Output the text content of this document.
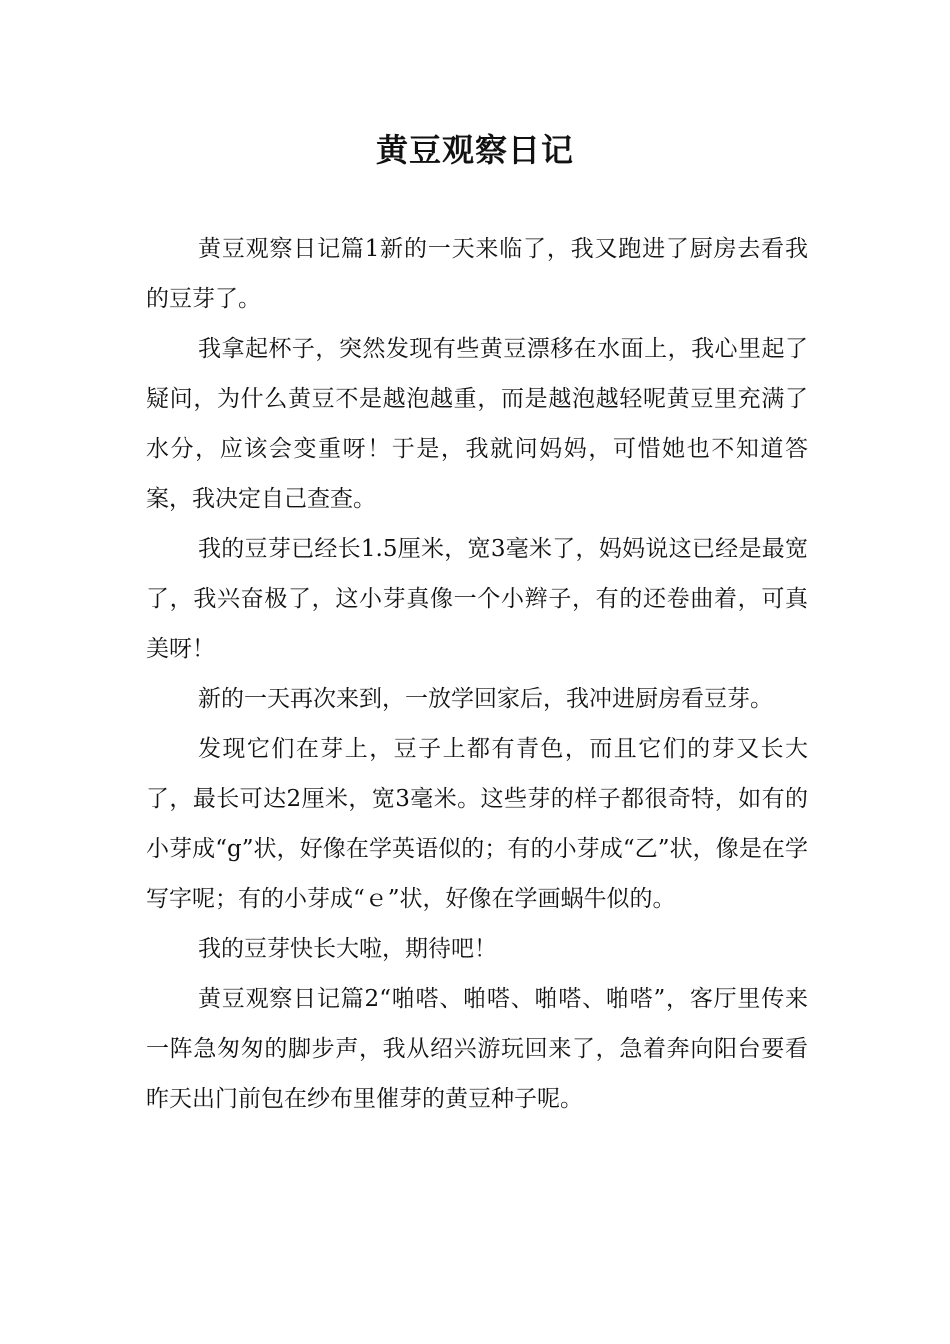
黄豆观察日记

黄豆观察日记篇1新的一天来临了，我又跑进了厨房去看我的豆芽了。

我拿起杯子，突然发现有些黄豆漂移在水面上，我心里起了疑问，为什么黄豆不是越泡越重，而是越泡越轻呢黄豆里充满了水分，应该会变重呀！于是，我就问妈妈，可惜她也不知道答案，我决定自己查查。

我的豆芽已经长1.5厘米，宽3毫米了，妈妈说这已经是最宽了，我兴奋极了，这小芽真像一个小辫子，有的还卷曲着，可真美呀！

新的一天再次来到，一放学回家后，我冲进厨房看豆芽。

发现它们在芽上，豆子上都有青色，而且它们的芽又长大了，最长可达2厘米，宽3毫米。这些芽的样子都很奇特，如有的小芽成“g”状，好像在学英语似的；有的小芽成“乙”状，像是在学写字呢；有的小芽成“ｅ”状，好像在学画蜗牛似的。

我的豆芽快长大啦，期待吧！

黄豆观察日记篇2“啪嗒、啪嗒、啪嗒、啪嗒”，客厅里传来一阵急匆匆的脚步声，我从绍兴游玩回来了，急着奔向阳台要看昨天出门前包在纱布里催芽的黄豆种子呢。
